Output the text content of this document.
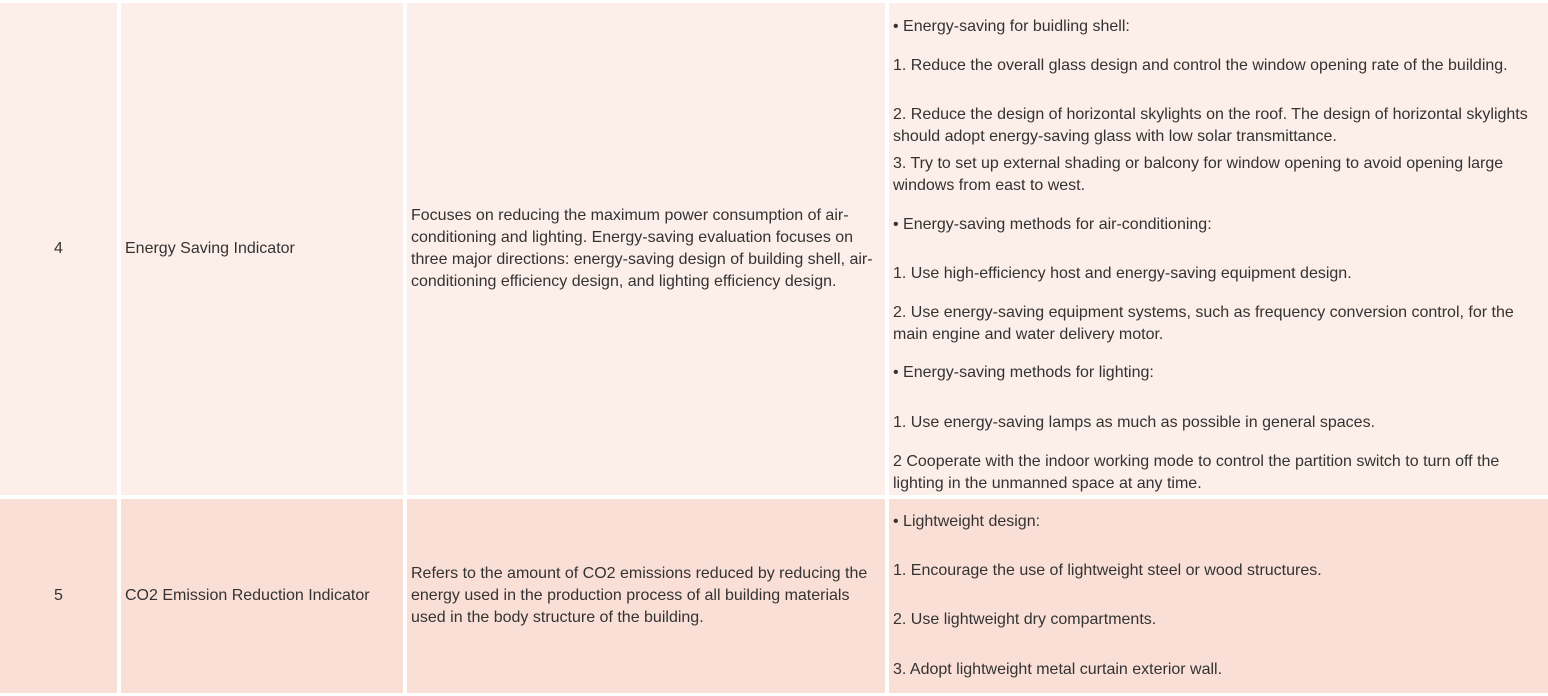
4	Energy Saving Indicator
Focuses on reducing the maximum power consumption of air-conditioning and lighting. Energy-saving evaluation focuses on three major directions: energy-saving design of building shell, air-conditioning efficiency design, and lighting efficiency design.

• Energy-saving for buidling shell:

1. Reduce the overall glass design and control the window opening rate of the building.

2. Reduce the design of horizontal skylights on the roof. The design of horizontal skylights should adopt energy-saving glass with low solar transmittance.

3. Try to set up external shading or balcony for window opening to avoid opening large windows from east to west.

• Energy-saving methods for air-conditioning:

1. Use high-efficiency host and energy-saving equipment design.

2. Use energy-saving equipment systems, such as frequency conversion control, for the main engine and water delivery motor.

• Energy-saving methods for lighting:

1. Use energy-saving lamps as much as possible in general spaces.

2 Cooperate with the indoor working mode to control the partition switch to turn off the lighting in the unmanned space at any time.

5	CO2 Emission Reduction Indicator
Refers to the amount of CO2 emissions reduced by reducing the energy used in the production process of all building materials used in the body structure of the building.

• Lightweight design:

1. Encourage the use of lightweight steel or wood structures.

2. Use lightweight dry compartments.

3. Adopt lightweight metal curtain exterior wall.
